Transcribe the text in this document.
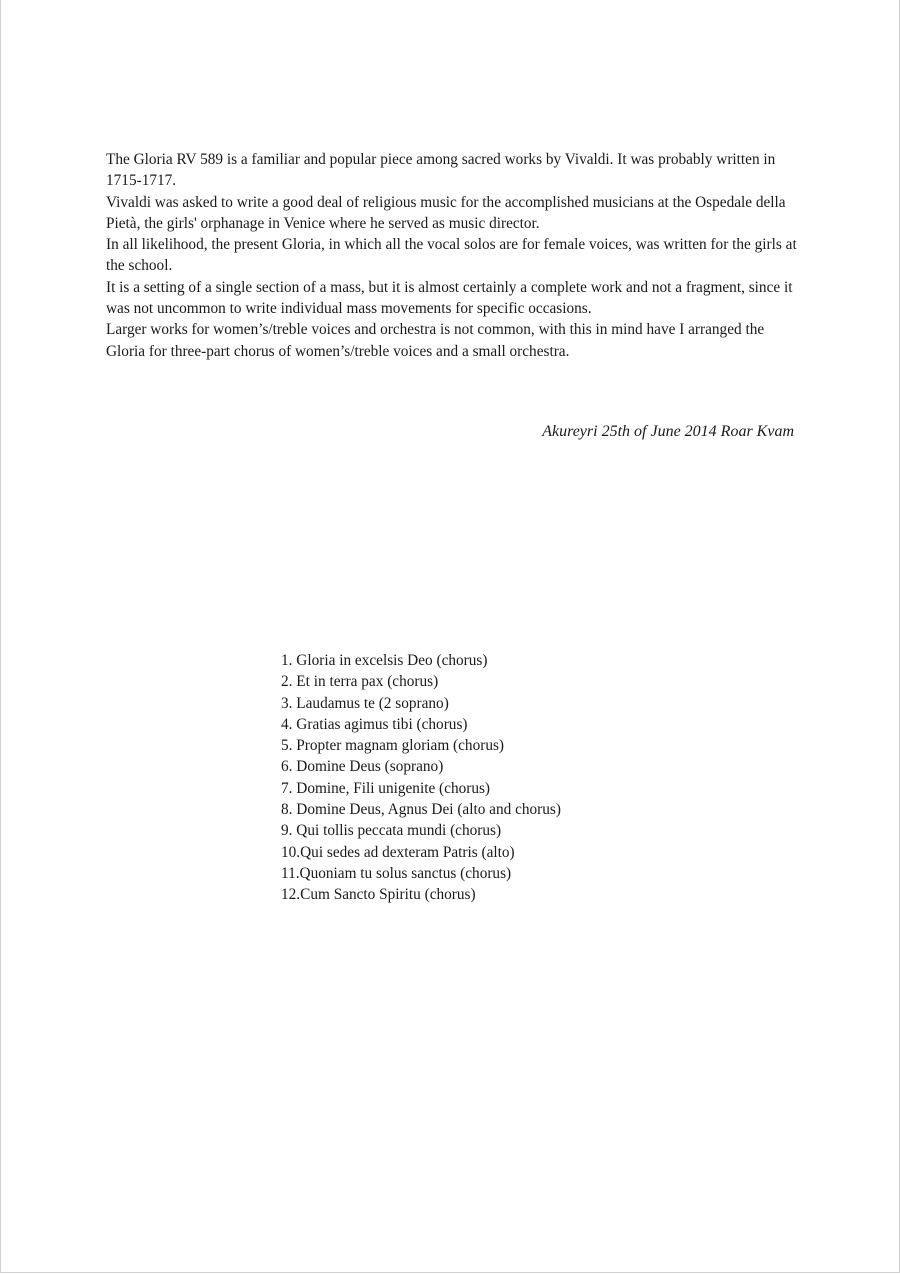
The Gloria RV 589 is a familiar and popular piece among sacred works by Vivaldi. It was probably written in 1715-1717.

Vivaldi was asked to write a good deal of religious music for the accomplished musicians at the Ospedale della Pietà, the girls' orphanage in Venice where he served as music director.

In all likelihood, the present Gloria, in which all the vocal solos are for female voices, was written for the girls at the school.

It is a setting of a single section of a mass, but it is almost certainly a complete work and not a fragment, since it was not uncommon to write individual mass movements for specific occasions.

Larger works for women’s/treble voices and orchestra is not common, with this in mind have I arranged the Gloria for three-part chorus of women’s/treble voices and a small orchestra.

Akureyri 25th of June 2014 Roar Kvam
1. Gloria in excelsis Deo (chorus)
2. Et in terra pax (chorus)
3. Laudamus te (2 soprano)
4. Gratias agimus tibi (chorus)
5. Propter magnam gloriam (chorus)
6. Domine Deus (soprano)
7. Domine, Fili unigenite (chorus)
8. Domine Deus, Agnus Dei (alto and chorus)
9. Qui tollis peccata mundi (chorus)
10.Qui sedes ad dexteram Patris (alto)
11.Quoniam tu solus sanctus (chorus)
12.Cum Sancto Spiritu (chorus)
